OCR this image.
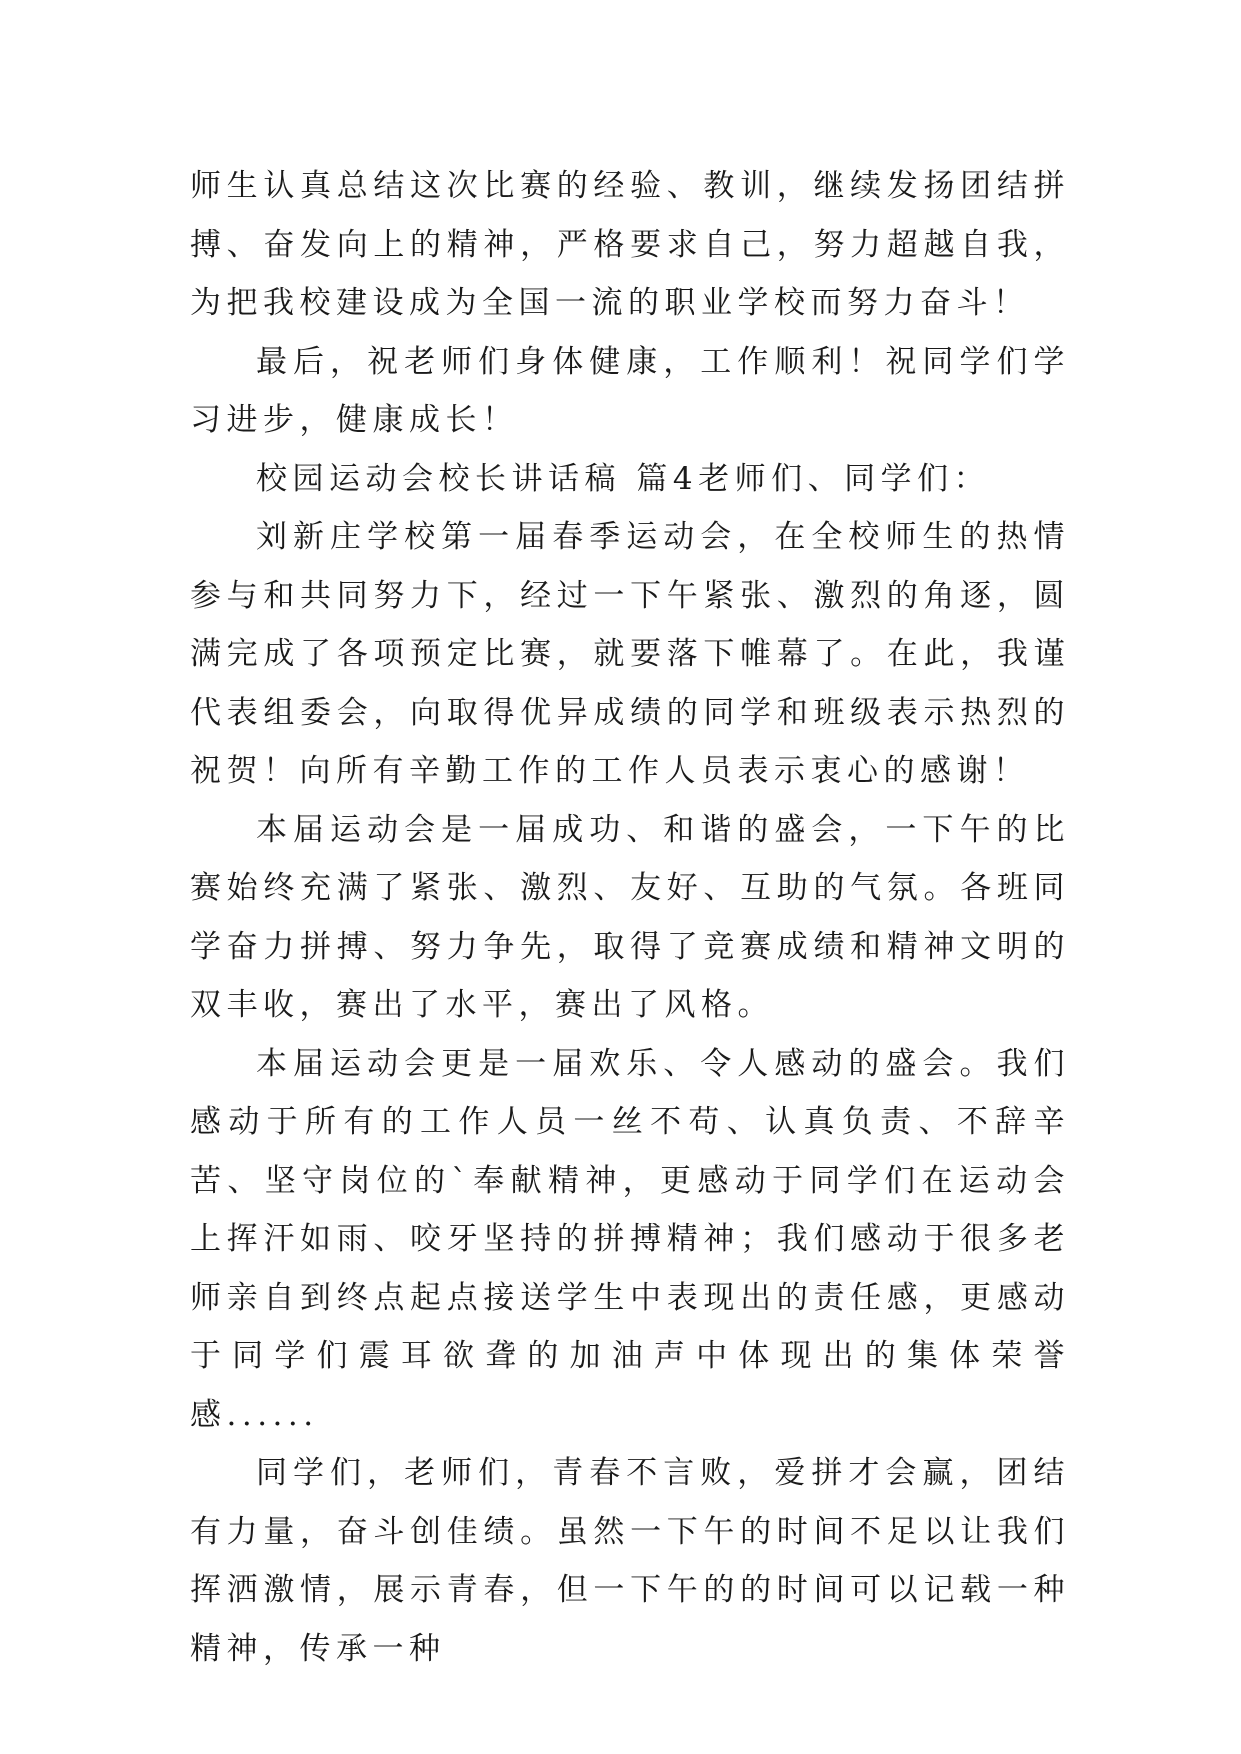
师生认真总结这次比赛的经验、教训，继续发扬团结拼搏、奋发向上的精神，严格要求自己，努力超越自我，为把我校建设成为全国一流的职业学校而努力奋斗！

最后，祝老师们身体健康，工作顺利！祝同学们学习进步，健康成长！

校园运动会校长讲话稿 篇4老师们、同学们：

刘新庄学校第一届春季运动会，在全校师生的热情参与和共同努力下，经过一下午紧张、激烈的角逐，圆满完成了各项预定比赛，就要落下帷幕了。在此，我谨代表组委会，向取得优异成绩的同学和班级表示热烈的祝贺！向所有辛勤工作的工作人员表示衷心的感谢！

本届运动会是一届成功、和谐的盛会，一下午的比赛始终充满了紧张、激烈、友好、互助的气氛。各班同学奋力拼搏、努力争先，取得了竞赛成绩和精神文明的双丰收，赛出了水平，赛出了风格。

本届运动会更是一届欢乐、令人感动的盛会。我们感动于所有的工作人员一丝不苟、认真负责、不辞辛苦、坚守岗位的`奉献精神，更感动于同学们在运动会上挥汗如雨、咬牙坚持的拼搏精神；我们感动于很多老师亲自到终点起点接送学生中表现出的责任感，更感动于同学们震耳欲聋的加油声中体现出的集体荣誉感......

同学们，老师们，青春不言败，爱拼才会赢，团结有力量，奋斗创佳绩。虽然一下午的时间不足以让我们挥洒激情，展示青春，但一下午的的时间可以记载一种精神，传承一种
